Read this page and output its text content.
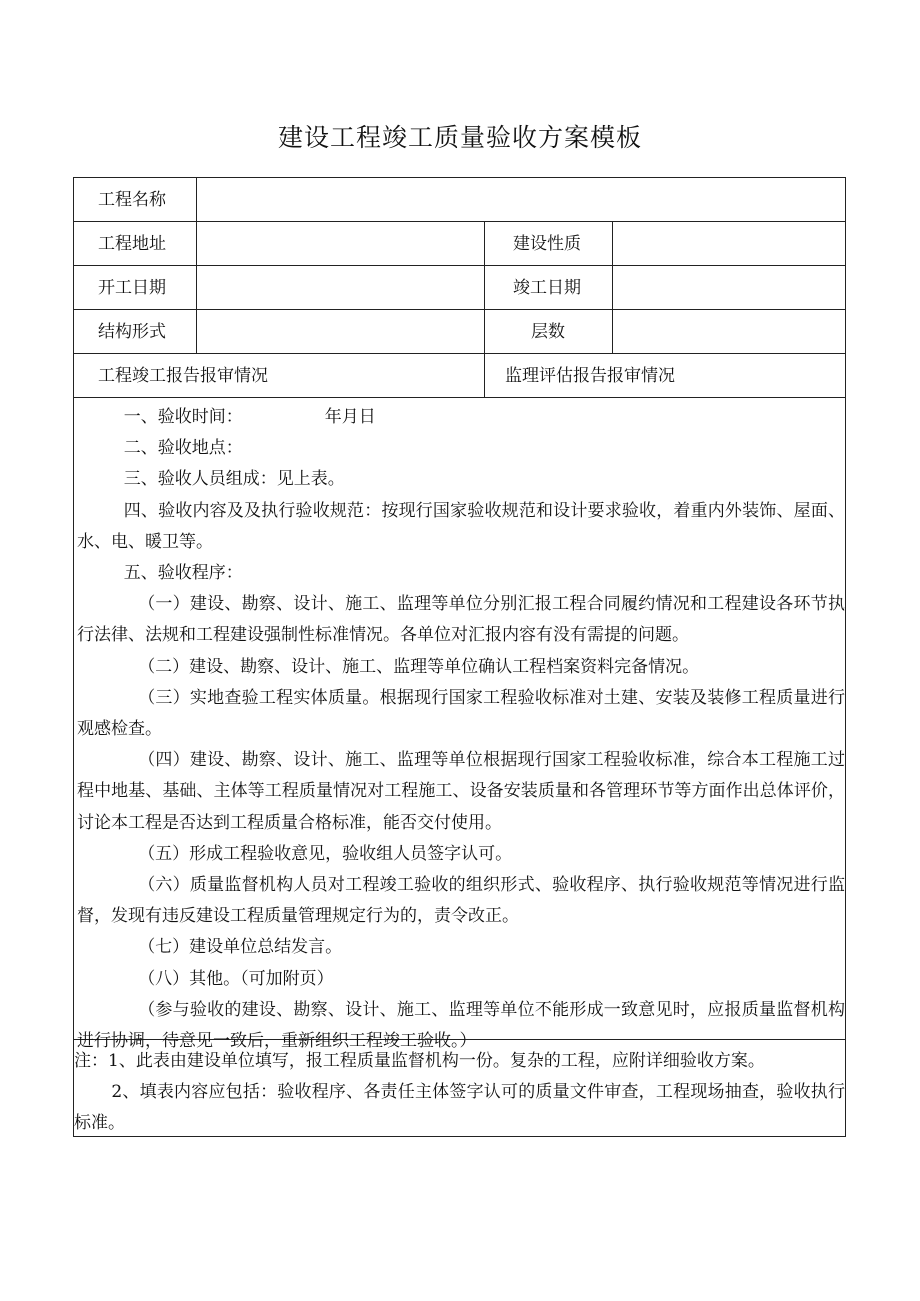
建设工程竣工质量验收方案模板
工程名称
工程地址	建设性质
开工日期	竣工日期
结构形式	层数
工程竣工报告报审情况	监理评估报告报审情况

一、验收时间：	年月日

二、验收地点：

三、验收人员组成：见上表。

四、验收内容及及执行验收规范：按现行国家验收规范和设计要求验收，着重内外装饰、屋面、水、电、暖卫等。

五、验收程序：

（一）建设、勘察、设计、施工、监理等单位分别汇报工程合同履约情况和工程建设各环节执行法律、法规和工程建设强制性标准情况。各单位对汇报内容有没有需提的问题。

（二）建设、勘察、设计、施工、监理等单位确认工程档案资料完备情况。

（三）实地查验工程实体质量。根据现行国家工程验收标准对土建、安装及装修工程质量进行观感检查。

（四）建设、勘察、设计、施工、监理等单位根据现行国家工程验收标准，综合本工程施工过程中地基、基础、主体等工程质量情况对工程施工、设备安装质量和各管理环节等方面作出总体评价，讨论本工程是否达到工程质量合格标准，能否交付使用。

（五）形成工程验收意见，验收组人员签字认可。

（六）质量监督机构人员对工程竣工验收的组织形式、验收程序、执行验收规范等情况进行监督，发现有违反建设工程质量管理规定行为的，责令改正。

（七）建设单位总结发言。

（八）其他。（可加附页）

（参与验收的建设、勘察、设计、施工、监理等单位不能形成一致意见时，应报质量监督机构进行协调，待意见一致后，重新组织工程竣工验收。）

注：1、此表由建设单位填写，报工程质量监督机构一份。复杂的工程，应附详细验收方案。

2、填表内容应包括：验收程序、各责任主体签字认可的质量文件审查，工程现场抽查，验收执行标准。
